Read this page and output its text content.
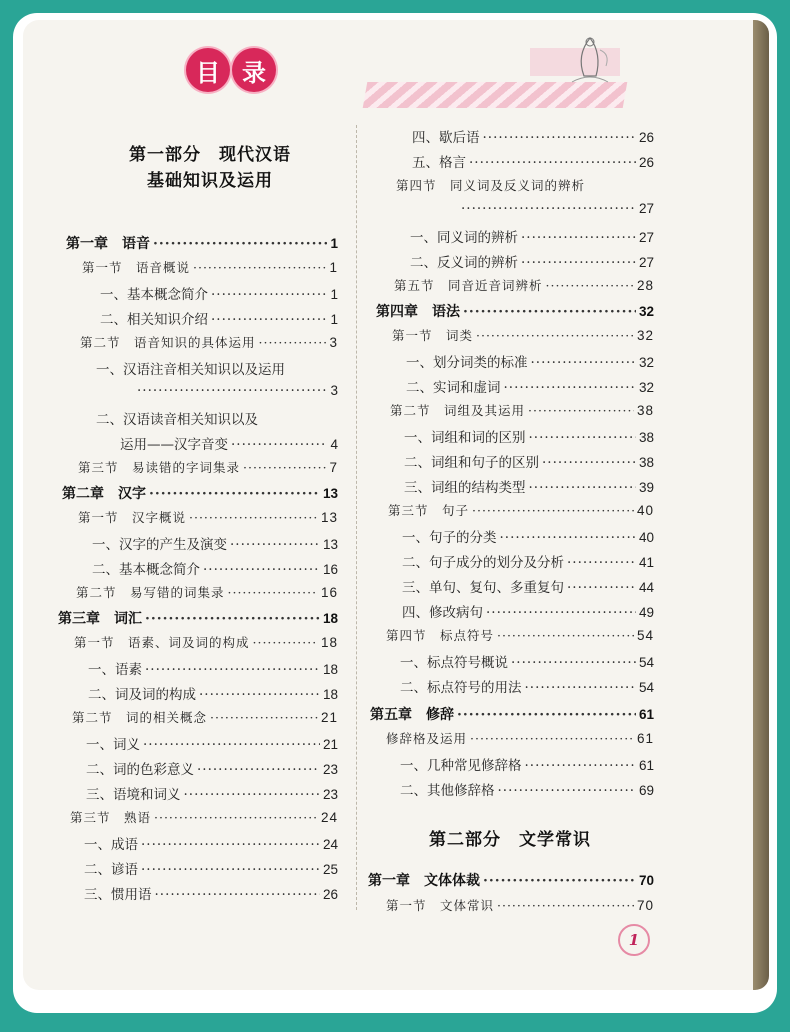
目 录
第一部分　现代汉语
基础知识及运用
第一章　语音 ·····	1
第一节　语音概说 ·····	1
一、基本概念简介 ·····	1
二、相关知识介绍 ·····	1
第二节　语音知识的具体运用 ·····	3
一、汉语注音相关知识以及运用
·····
3
二、汉语读音相关知识以及
运用——汉字音变 ·····	4
第三节　易读错的字词集录 ·····	7
第二章　汉字 ·····	13
第一节　汉字概说 ·····	13
一、汉字的产生及演变 ·····	13
二、基本概念简介 ·····	16
第二节　易写错的词集录 ·····	16
第三章　词汇 ·····	18
第一节　语素、词及词的构成 ·····	18
一、语素 ·····	18
二、词及词的构成 ·····	18
第二节　词的相关概念 ·····	21
一、词义 ·····	21
二、词的色彩意义 ·····	23
三、语境和词义 ·····	23
第三节　熟语 ·····	24
一、成语 ·····	24
二、谚语 ·····	25
三、惯用语 ·····	26
四、歇后语 ·····	26
五、格言 ·····	26
第四节　同义词及反义词的辨析
·····
27
一、同义词的辨析 ·····	27
二、反义词的辨析 ·····	27
第五节　同音近音词辨析 ·····	28
第四章　语法 ·····	32
第一节　词类 ·····	32
一、划分词类的标准 ·····	32
二、实词和虚词 ·····	32
第二节　词组及其运用 ·····	38
一、词组和词的区别 ·····	38
二、词组和句子的区别 ·····	38
三、词组的结构类型 ·····	39
第三节　句子 ·····	40
一、句子的分类 ·····	40
二、句子成分的划分及分析 ·····	41
三、单句、复句、多重复句 ·····	44
四、修改病句 ·····	49
第四节　标点符号 ·····	54
一、标点符号概说 ·····	54
二、标点符号的用法 ·····	54
第五章　修辞 ·····	61
修辞格及运用 ·····	61
一、几种常见修辞格 ·····	61
二、其他修辞格 ·····	69
第二部分　文学常识
第一章　文体体裁 ·····	70
第一节　文体常识 ·····	70
1
